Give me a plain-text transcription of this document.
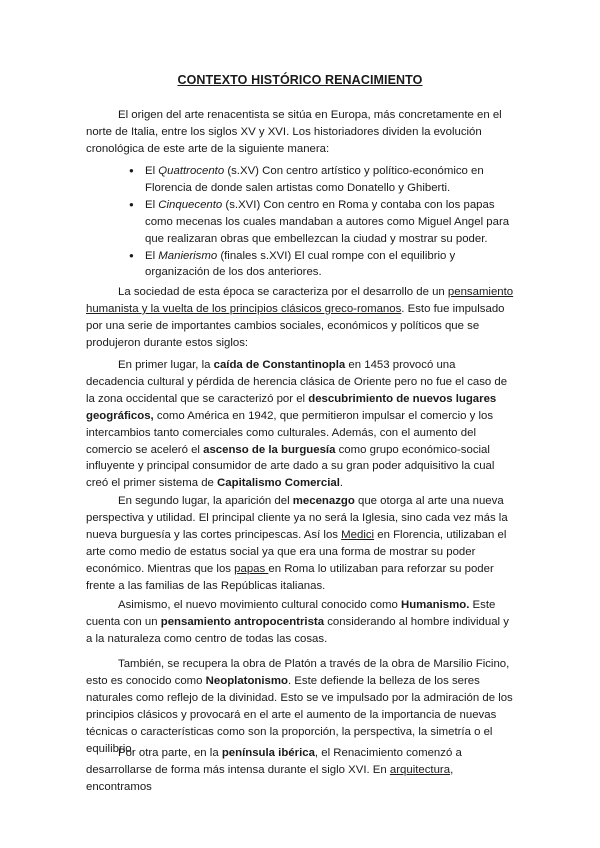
CONTEXTO HISTÓRICO RENACIMIENTO

El origen del arte renacentista se sitúa en Europa, más concretamente en el norte de Italia, entre los siglos XV y XVI. Los historiadores dividen la evolución cronológica de este arte de la siguiente manera:

● El Quattrocento (s.XV) Con centro artístico y político-económico en Florencia de donde salen artistas como Donatello y Ghiberti.
● El Cinquecento (s.XVI) Con centro en Roma y contaba con los papas como mecenas los cuales mandaban a autores como Miguel Angel para que realizaran obras que embellezcan la ciudad y mostrar su poder.
● El Manierismo (finales s.XVI) El cual rompe con el equilibrio y organización de los dos anteriores.

La sociedad de esta época se caracteriza por el desarrollo de un pensamiento humanista y la vuelta de los principios clásicos greco-romanos. Esto fue impulsado por una serie de importantes cambios sociales, económicos y políticos que se produjeron durante estos siglos:

En primer lugar, la caída de Constantinopla en 1453 provocó una decadencia cultural y pérdida de herencia clásica de Oriente pero no fue el caso de la zona occidental que se caracterizó por el descubrimiento de nuevos lugares geográficos, como América en 1942, que permitieron impulsar el comercio y los intercambios tanto comerciales como culturales. Además, con el aumento del comercio se aceleró el ascenso de la burguesía como grupo económico-social influyente y principal consumidor de arte dado a su gran poder adquisitivo la cual creó el primer sistema de Capitalismo Comercial.

En segundo lugar, la aparición del mecenazgo que otorga al arte una nueva perspectiva y utilidad. El principal cliente ya no será la Iglesia, sino cada vez más la nueva burguesía y las cortes principescas. Así los Medici en Florencia, utilizaban el arte como medio de estatus social ya que era una forma de mostrar su poder económico. Mientras que los papas en Roma lo utilizaban para reforzar su poder frente a las familias de las Repúblicas italianas.

Asimismo, el nuevo movimiento cultural conocido como Humanismo. Este cuenta con un pensamiento antropocentrista considerando al hombre individual y a la naturaleza como centro de todas las cosas.

También, se recupera la obra de Platón a través de la obra de Marsilio Ficino, esto es conocido como Neoplatonismo. Este defiende la belleza de los seres naturales como reflejo de la divinidad. Esto se ve impulsado por la admiración de los principios clásicos y provocará en el arte el aumento de la importancia de nuevas técnicas o características como son la proporción, la perspectiva, la simetría o el equilibrio.

Por otra parte, en la península ibérica, el Renacimiento comenzó a desarrollarse de forma más intensa durante el siglo XVI. En arquitectura, encontramos
